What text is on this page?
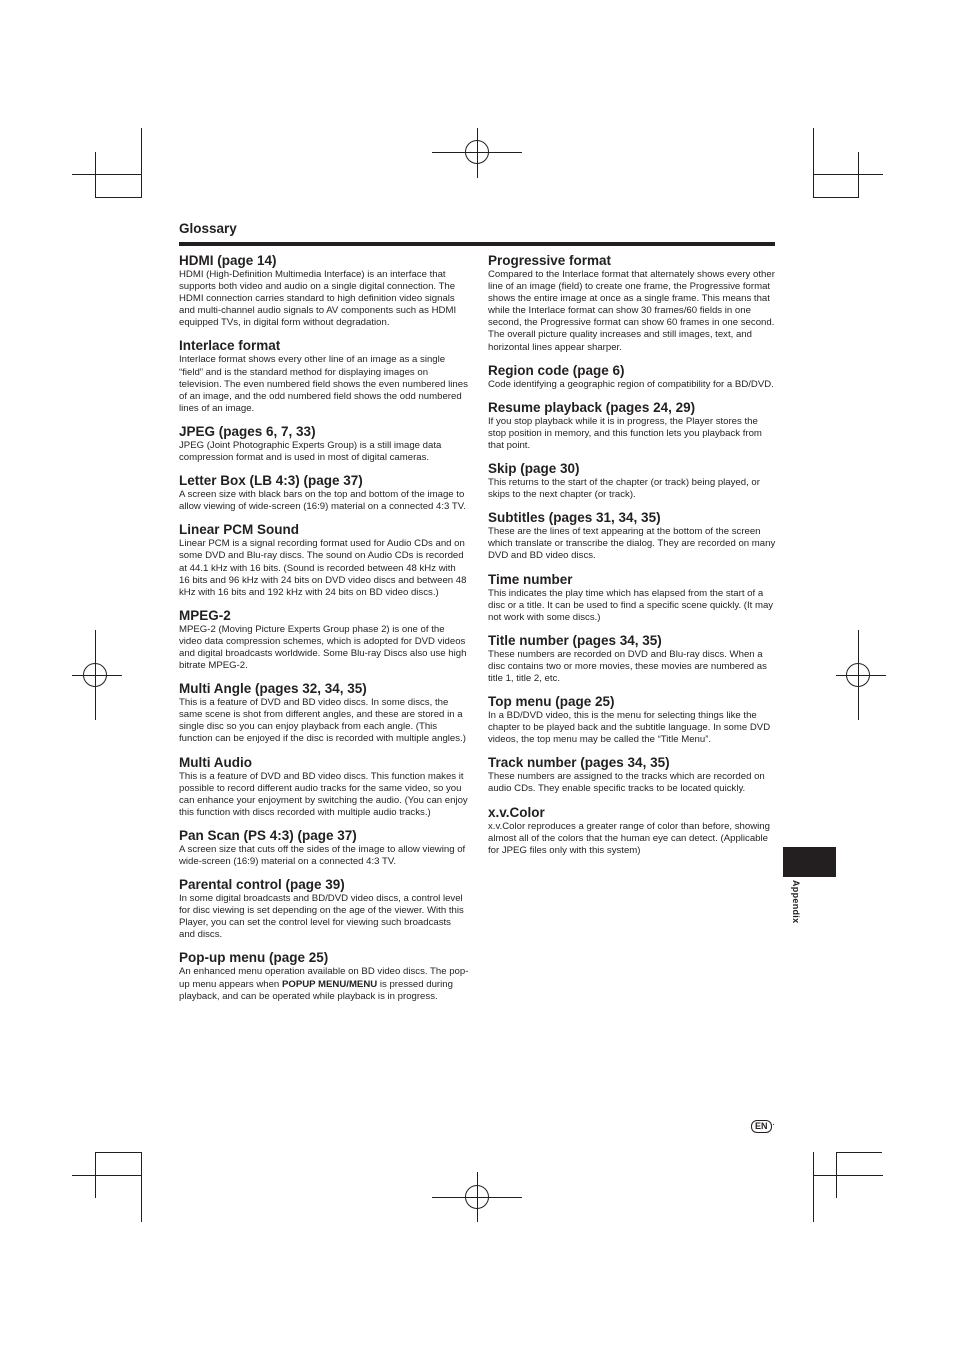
Glossary
HDMI (page 14)
HDMI (High-Definition Multimedia Interface) is an interface that supports both video and audio on a single digital connection. The HDMI connection carries standard to high definition video signals and multi-channel audio signals to AV components such as HDMI equipped TVs, in digital form without degradation.
Interlace format
Interlace format shows every other line of an image as a single “field” and is the standard method for displaying images on television. The even numbered field shows the even numbered lines of an image, and the odd numbered field shows the odd numbered lines of an image.
JPEG (pages 6, 7, 33)
JPEG (Joint Photographic Experts Group) is a still image data compression format and is used in most of digital cameras.
Letter Box (LB 4:3) (page 37)
A screen size with black bars on the top and bottom of the image to allow viewing of wide-screen (16:9) material on a connected 4:3 TV.
Linear PCM Sound
Linear PCM is a signal recording format used for Audio CDs and on some DVD and Blu-ray discs. The sound on Audio CDs is recorded at 44.1 kHz with 16 bits. (Sound is recorded between 48 kHz with 16 bits and 96 kHz with 24 bits on DVD video discs and between 48 kHz with 16 bits and 192 kHz with 24 bits on BD video discs.)
MPEG-2
MPEG-2 (Moving Picture Experts Group phase 2) is one of the video data compression schemes, which is adopted for DVD videos and digital broadcasts worldwide. Some Blu-ray Discs also use high bitrate MPEG-2.
Multi Angle (pages 32, 34, 35)
This is a feature of DVD and BD video discs. In some discs, the same scene is shot from different angles, and these are stored in a single disc so you can enjoy playback from each angle. (This function can be enjoyed if the disc is recorded with multiple angles.)
Multi Audio
This is a feature of DVD and BD video discs. This function makes it possible to record different audio tracks for the same video, so you can enhance your enjoyment by switching the audio. (You can enjoy this function with discs recorded with multiple audio tracks.)
Pan Scan (PS 4:3) (page 37)
A screen size that cuts off the sides of the image to allow viewing of wide-screen (16:9) material on a connected 4:3 TV.
Parental control (page 39)
In some digital broadcasts and BD/DVD video discs, a control level for disc viewing is set depending on the age of the viewer. With this Player, you can set the control level for viewing such broadcasts and discs.
Pop-up menu (page 25)
An enhanced menu operation available on BD video discs. The pop-up menu appears when POPUP MENU/MENU is pressed during playback, and can be operated while playback is in progress.
Progressive format
Compared to the Interlace format that alternately shows every other line of an image (field) to create one frame, the Progressive format shows the entire image at once as a single frame. This means that while the Interlace format can show 30 frames/60 fields in one second, the Progressive format can show 60 frames in one second. The overall picture quality increases and still images, text, and horizontal lines appear sharper.
Region code (page 6)
Code identifying a geographic region of compatibility for a BD/DVD.
Resume playback (pages 24, 29)
If you stop playback while it is in progress, the Player stores the stop position in memory, and this function lets you playback from that point.
Skip (page 30)
This returns to the start of the chapter (or track) being played, or skips to the next chapter (or track).
Subtitles (pages 31, 34, 35)
These are the lines of text appearing at the bottom of the screen which translate or transcribe the dialog. They are recorded on many DVD and BD video discs.
Time number
This indicates the play time which has elapsed from the start of a disc or a title. It can be used to find a specific scene quickly. (It may not work with some discs.)
Title number (pages 34, 35)
These numbers are recorded on DVD and Blu-ray discs. When a disc contains two or more movies, these movies are numbered as title 1, title 2, etc.
Top menu (page 25)
In a BD/DVD video, this is the menu for selecting things like the chapter to be played back and the subtitle language. In some DVD videos, the top menu may be called the “Title Menu”.
Track number (pages 34, 35)
These numbers are assigned to the tracks which are recorded on audio CDs. They enable specific tracks to be located quickly.
x.v.Color
x.v.Color reproduces a greater range of color than before, showing almost all of the colors that the human eye can detect. (Applicable for JPEG files only with this system)
Appendix
EN ·
